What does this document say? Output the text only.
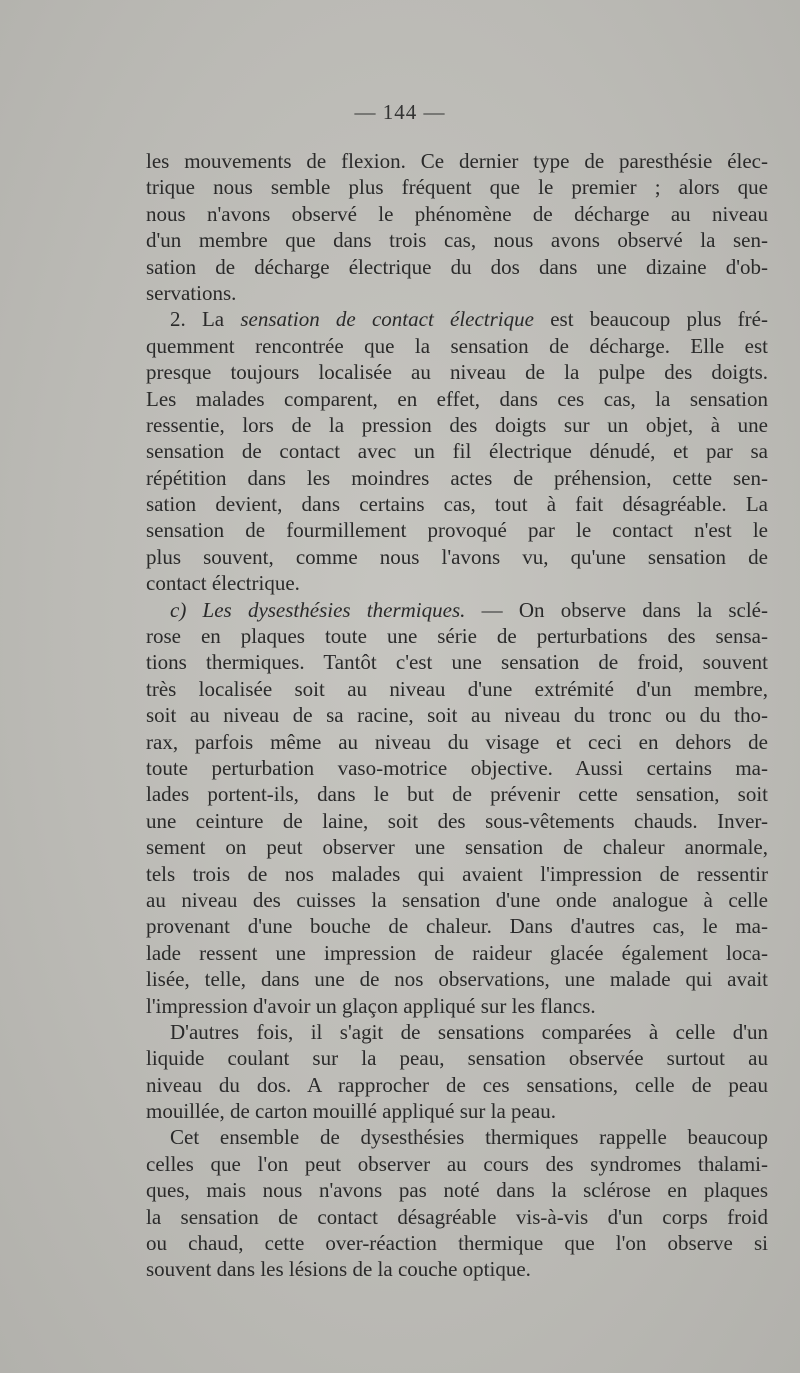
— 144 —
les mouvements de flexion. Ce dernier type de paresthésie élec-
trique nous semble plus fréquent que le premier ; alors que
nous n'avons observé le phénomène de décharge au niveau
d'un membre que dans trois cas, nous avons observé la sen-
sation de décharge électrique du dos dans une dizaine d'ob-
servations.
2. La sensation de contact électrique est beaucoup plus fré-
quemment rencontrée que la sensation de décharge. Elle est
presque toujours localisée au niveau de la pulpe des doigts.
Les malades comparent, en effet, dans ces cas, la sensation
ressentie, lors de la pression des doigts sur un objet, à une
sensation de contact avec un fil électrique dénudé, et par sa
répétition dans les moindres actes de préhension, cette sen-
sation devient, dans certains cas, tout à fait désagréable. La
sensation de fourmillement provoqué par le contact n'est le
plus souvent, comme nous l'avons vu, qu'une sensation de
contact électrique.
c) Les dysesthésies thermiques. — On observe dans la sclé-
rose en plaques toute une série de perturbations des sensa-
tions thermiques. Tantôt c'est une sensation de froid, souvent
très localisée soit au niveau d'une extrémité d'un membre,
soit au niveau de sa racine, soit au niveau du tronc ou du tho-
rax, parfois même au niveau du visage et ceci en dehors de
toute perturbation vaso-motrice objective. Aussi certains ma-
lades portent-ils, dans le but de prévenir cette sensation, soit
une ceinture de laine, soit des sous-vêtements chauds. Inver-
sement on peut observer une sensation de chaleur anormale,
tels trois de nos malades qui avaient l'impression de ressentir
au niveau des cuisses la sensation d'une onde analogue à celle
provenant d'une bouche de chaleur. Dans d'autres cas, le ma-
lade ressent une impression de raideur glacée également loca-
lisée, telle, dans une de nos observations, une malade qui avait
l'impression d'avoir un glaçon appliqué sur les flancs.
D'autres fois, il s'agit de sensations comparées à celle d'un
liquide coulant sur la peau, sensation observée surtout au
niveau du dos. A rapprocher de ces sensations, celle de peau
mouillée, de carton mouillé appliqué sur la peau.
Cet ensemble de dysesthésies thermiques rappelle beaucoup
celles que l'on peut observer au cours des syndromes thalami-
ques, mais nous n'avons pas noté dans la sclérose en plaques
la sensation de contact désagréable vis-à-vis d'un corps froid
ou chaud, cette over-réaction thermique que l'on observe si
souvent dans les lésions de la couche optique.
